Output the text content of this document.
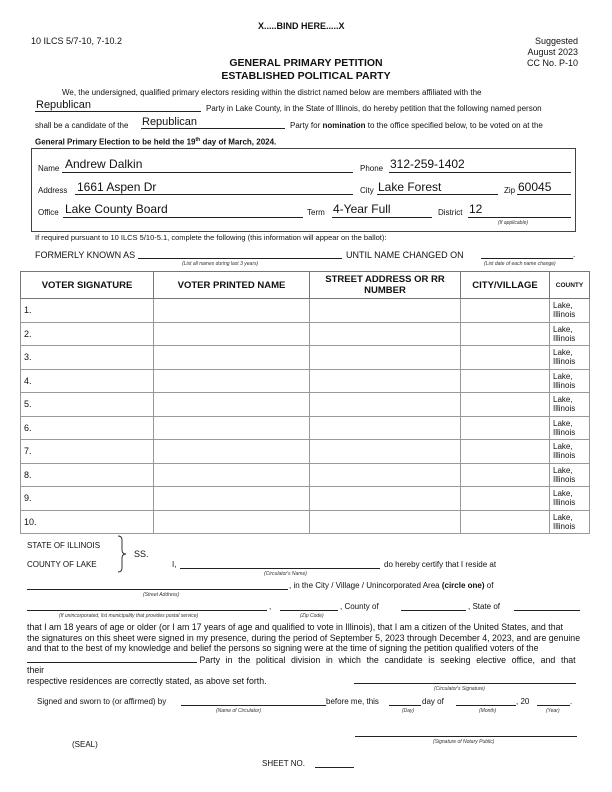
X.....BIND HERE.....X
10 ILCS 5/7-10, 7-10.2	Suggested
August 2023
CC No. P-10
GENERAL PRIMARY PETITION
ESTABLISHED POLITICAL PARTY
We, the undersigned, qualified primary electors residing within the district named below are members affiliated with the
Republican	Party in Lake County, in the State of Illinois, do hereby petition that the following named person
shall be a candidate of the Republican	Party for nomination to the office specified below, to be voted on at the
General Primary Election to be held the 19th day of March, 2024.
Name Andrew Dalkin	Phone 312-259-1402
Address 1661 Aspen Dr	City Lake Forest	Zip 60045
Office Lake County Board	Term 4-Year Full	District 12
(If applicable)
If required pursuant to 10 ILCS 5/10-5.1, complete the following (this information will appear on the ballot):
FORMERLY KNOWN AS
(List all names during last 3 years)
UNTIL NAME CHANGED ON	.
(List date of each name change)
VOTER SIGNATURE	VOTER PRINTED NAME	STREET ADDRESS OR RR NUMBER	CITY/VILLAGE	COUNTY
1.				Lake,
Illinois

2.				Lake,
Illinois

3.				Lake,
Illinois

4.				Lake,
Illinois

5.				Lake,
Illinois

6.				Lake,
Illinois

7.				Lake,
Illinois

8.				Lake,
Illinois

9.				Lake,
Illinois

10.				Lake,
Illinois
STATE OF ILLINOIS
COUNTY OF LAKE
SS.
I,
(Circulator's Name)
do hereby certify that I reside at
(Street Address)
, in the City / Village / Unincorporated Area (circle one) of
,
(If unincorporated, list municipality that provides postal service)	(Zip Code)
, County of	, State of
that I am 18 years of age or older (or I am 17 years of age and qualified to vote in Illinois), that I am a citizen of the United States, and that
the signatures on this sheet were signed in my presence, during the period of September 5, 2023 through December 4, 2023, and are genuine
and that to the best of my knowledge and belief the persons so signing were at the time of signing the petition qualified voters of the
Party in the political division in which the candidate is seeking elective office, and that their
respective residences are correctly stated, as above set forth.
(Circulator's Signature)
Signed and sworn to (or affirmed) by
(Name of Circulator)
before me, this
(Day)
day of
(Month)
, 20	.
(Year)
(Signature of Notary Public)
(SEAL)
SHEET NO.
